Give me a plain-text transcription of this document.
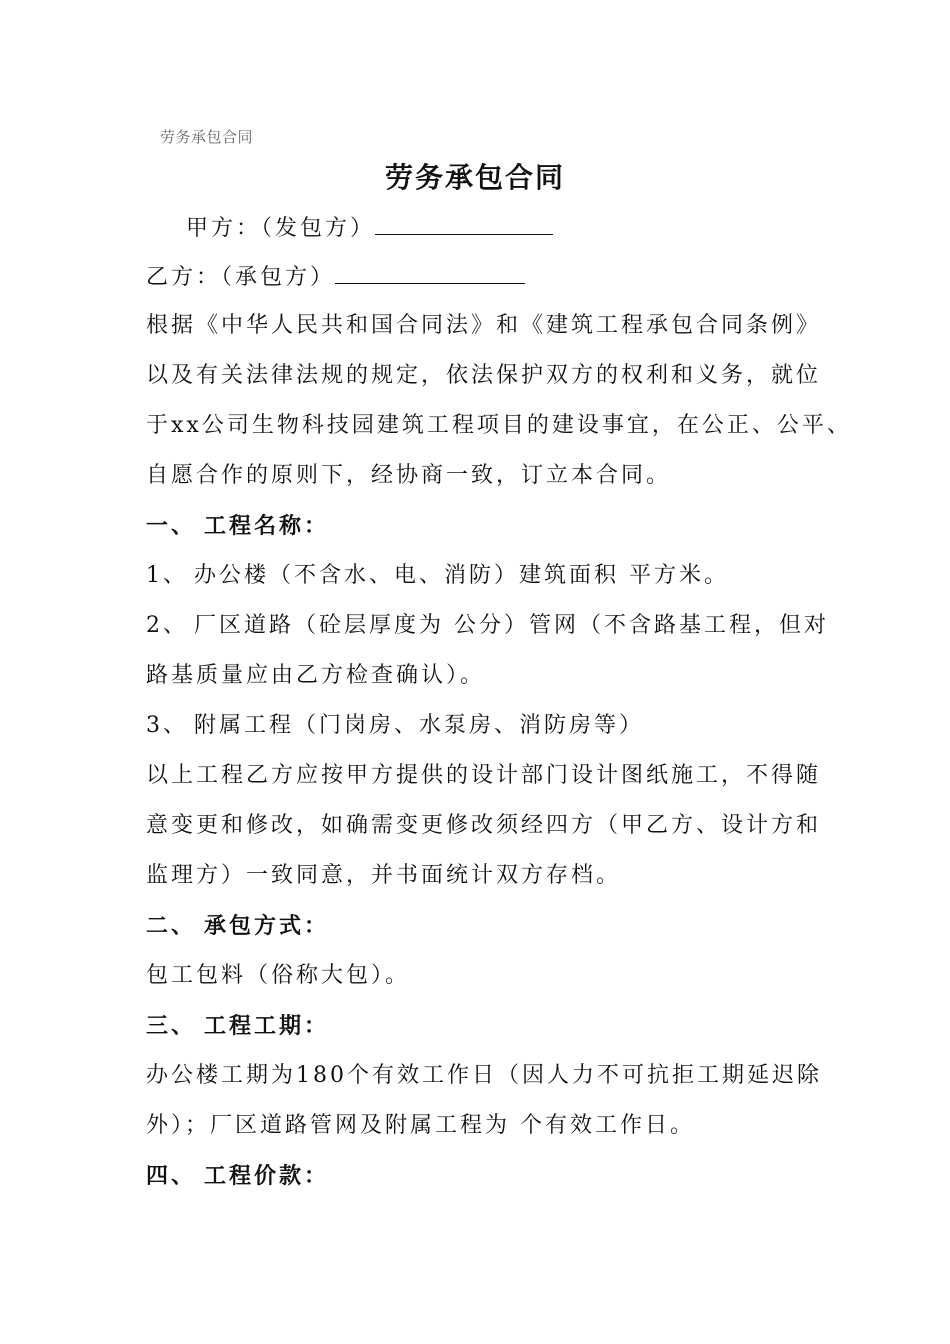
劳务承包合同
劳务承包合同
甲方：（发包方）
乙方：（承包方）
根据《中华人民共和国合同法》和《建筑工程承包合同条例》
以及有关法律法规的规定，依法保护双方的权利和义务，就位
于xx公司生物科技园建筑工程项目的建设事宜，在公正、公平、
自愿合作的原则下，经协商一致，订立本合同。
一、 工程名称：
1、 办公楼（不含水、电、消防）建筑面积 平方米。
2、 厂区道路（砼层厚度为 公分）管网（不含路基工程，但对
路基质量应由乙方检查确认）。
3、 附属工程（门岗房、水泵房、消防房等）
以上工程乙方应按甲方提供的设计部门设计图纸施工，不得随
意变更和修改，如确需变更修改须经四方（甲乙方、设计方和
监理方）一致同意，并书面统计双方存档。
二、 承包方式：
包工包料（俗称大包）。
三、 工程工期：
办公楼工期为180个有效工作日（因人力不可抗拒工期延迟除
外）；厂区道路管网及附属工程为 个有效工作日。
四、 工程价款：
